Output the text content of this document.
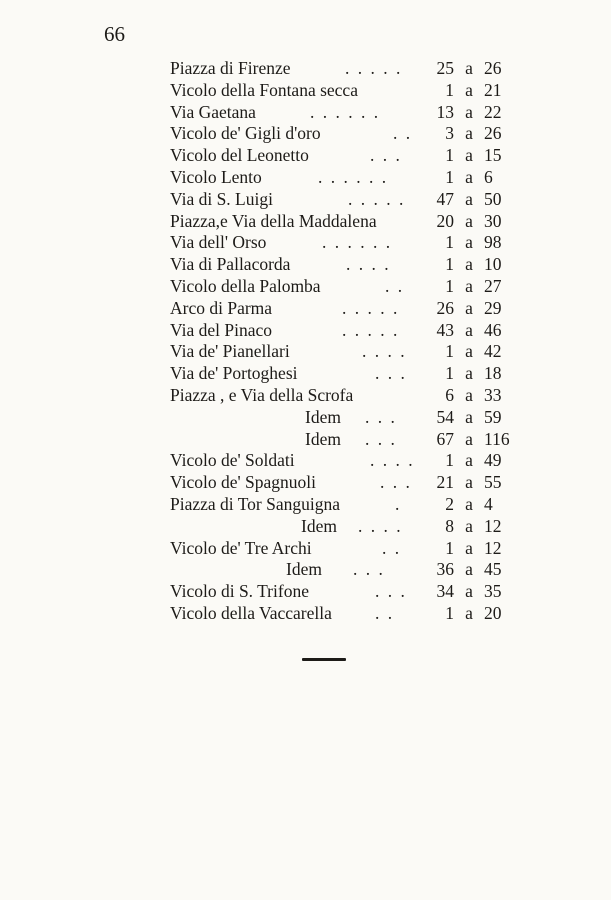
66
Piazza di Firenze	. . . . .	25 a 26
Vicolo della Fontana secca	1 a 21
Via Gaetana	. . . . . .	13 a 22
Vicolo de' Gigli d'oro	. .	3 a 26
Vicolo del Leonetto	. . .	1 a 15
Vicolo Lento	. . . . . .	1 a 6
Via di S. Luigi	. . . . .	47 a 50
Piazza,e Via della Maddalena	20 a 30
Via dell' Orso	. . . . . .	1 a 98
Via di Pallacorda	. . . .	1 a 10
Vicolo della Palomba	. .	1 a 27
Arco di Parma	. . . . .	26 a 29
Via del Pinaco	. . . . .	43 a 46
Via de' Pianellari	. . . .	1 a 42
Via de' Portoghesi	. . .	1 a 18
Piazza , e Via della Scrofa	6 a 33
Idem . . .	54 a 59
Idem . . .	67 a 116
Vicolo de' Soldati	. . . .	1 a 49
Vicolo de' Spagnuoli	. . .	21 a 55
Piazza di Tor Sanguigna	.	2 a 4
Idem . . . .	8 a 12
Vicolo de' Tre Archi	. .	1 a 12
Idem . . .	36 a 45
Vicolo di S. Trifone	. . .	34 a 35
Vicolo della Vaccarella . .	1 a 20
